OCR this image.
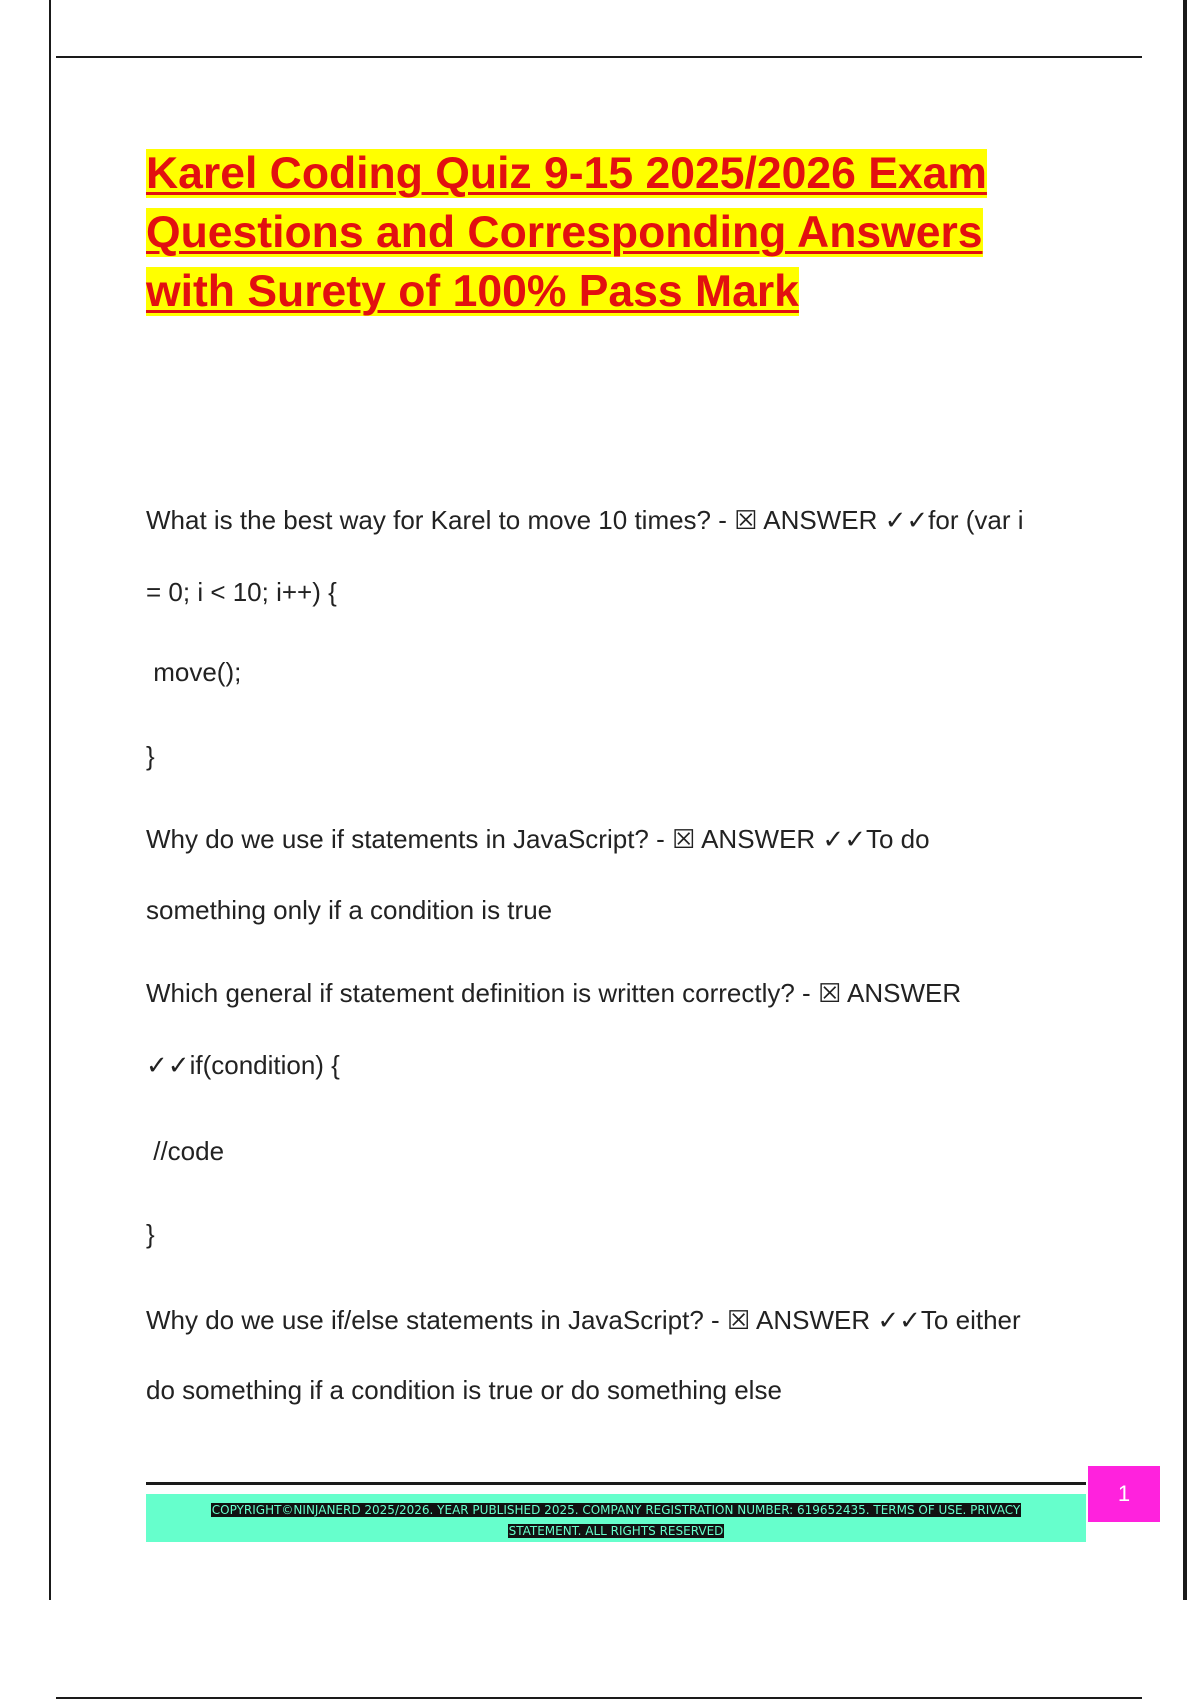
Karel Coding Quiz 9-15 2025/2026 Exam
Questions and Corresponding Answers
with Surety of 100% Pass Mark

What is the best way for Karel to move 10 times? - ☒ ANSWER ✓✓for (var i

= 0; i < 10; i++) {

move();

}

Why do we use if statements in JavaScript? - ☒ ANSWER ✓✓To do

something only if a condition is true

Which general if statement definition is written correctly? - ☒ ANSWER

✓✓if(condition) {

//code

}

Why do we use if/else statements in JavaScript? - ☒ ANSWER ✓✓To either

do something if a condition is true or do something else

COPYRIGHT©NINJANERD 2025/2026. YEAR PUBLISHED 2025. COMPANY REGISTRATION NUMBER: 619652435. TERMS OF USE. PRIVACY
STATEMENT. ALL RIGHTS RESERVED

1
